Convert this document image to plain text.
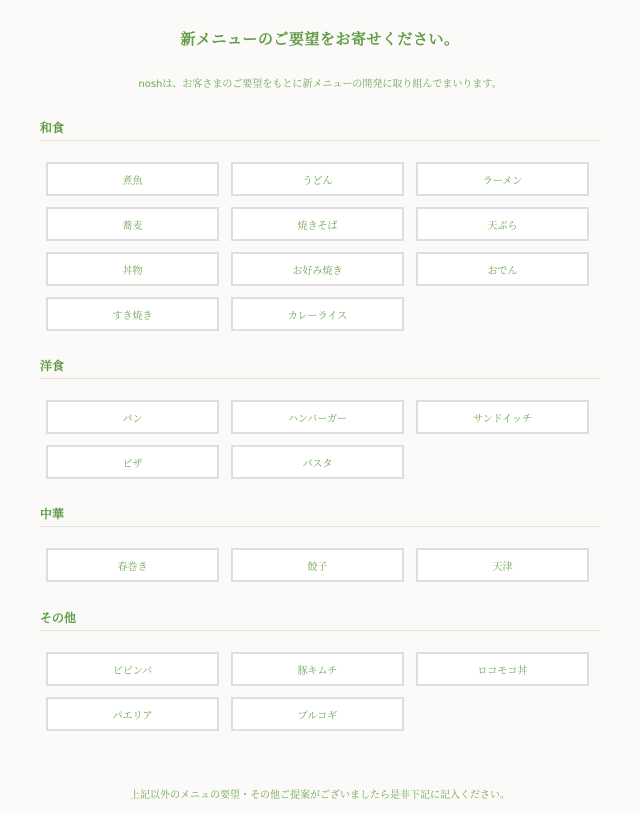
新メニューのご要望をお寄せください。

noshは、お客さまのご要望をもとに新メニューの開発に取り組んでまいります。

和食
煮魚	うどん	ラーメン
蕎麦	焼きそば	天ぷら
丼物	お好み焼き	おでん
すき焼き	カレーライス
洋食
パン	ハンバーガー	サンドイッチ
ピザ	パスタ
中華
春巻き	餃子	天津
その他
ビビンバ	豚キムチ	ロコモコ丼
パエリア	プルコギ

上記以外のメニュの要望・その他ご提案がございましたら是非下記に記入ください。
